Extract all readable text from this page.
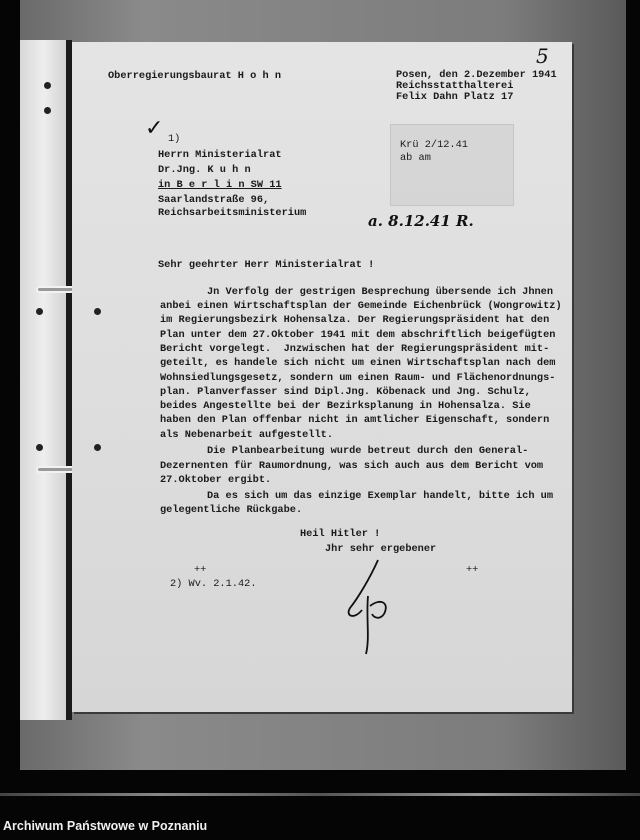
5
Oberregierungsbaurat H o h n	Posen, den 2.Dezember 1941
Reichsstatthalterei
Felix Dahn Platz 17
✓ 1)
Herrn Ministerialrat
Dr.Jng. K u h n
in B e r l i n SW 11
Saarlandstraße 96,
Reichsarbeitsministerium
Krü 2/12.41
ab am
a. 8.12.41 R.
Sehr geehrter Herr Ministerialrat !
Jn Verfolg der gestrigen Besprechung übersende ich Jhnen
anbei einen Wirtschaftsplan der Gemeinde Eichenbrück (Wongrowitz)
im Regierungsbezirk Hohensalza. Der Regierungspräsident hat den
Plan unter dem 27.Oktober 1941 mit dem abschriftlich beigefügten
Bericht vorgelegt.  Jnzwischen hat der Regierungspräsident mit-
geteilt, es handele sich nicht um einen Wirtschaftsplan nach dem
Wohnsiedlungsgesetz, sondern um einen Raum- und Flächenordnungs-
plan. Planverfasser sind Dipl.Jng. Köbenack und Jng. Schulz,
beides Angestellte bei der Bezirksplanung in Hohensalza. Sie
haben den Plan offenbar nicht in amtlicher Eigenschaft, sondern
als Nebenarbeit aufgestellt.
Die Planbearbeitung wurde betreut durch den General-
Dezernenten für Raumordnung, was sich auch aus dem Bericht vom
27.Oktober ergibt.
Da es sich um das einzige Exemplar handelt, bitte ich um
gelegentliche Rückgabe.
Heil Hitler !
Jhr sehr ergebener
++	++
2) Wv. 2.1.42.
Archiwum Państwowe w Poznaniu
